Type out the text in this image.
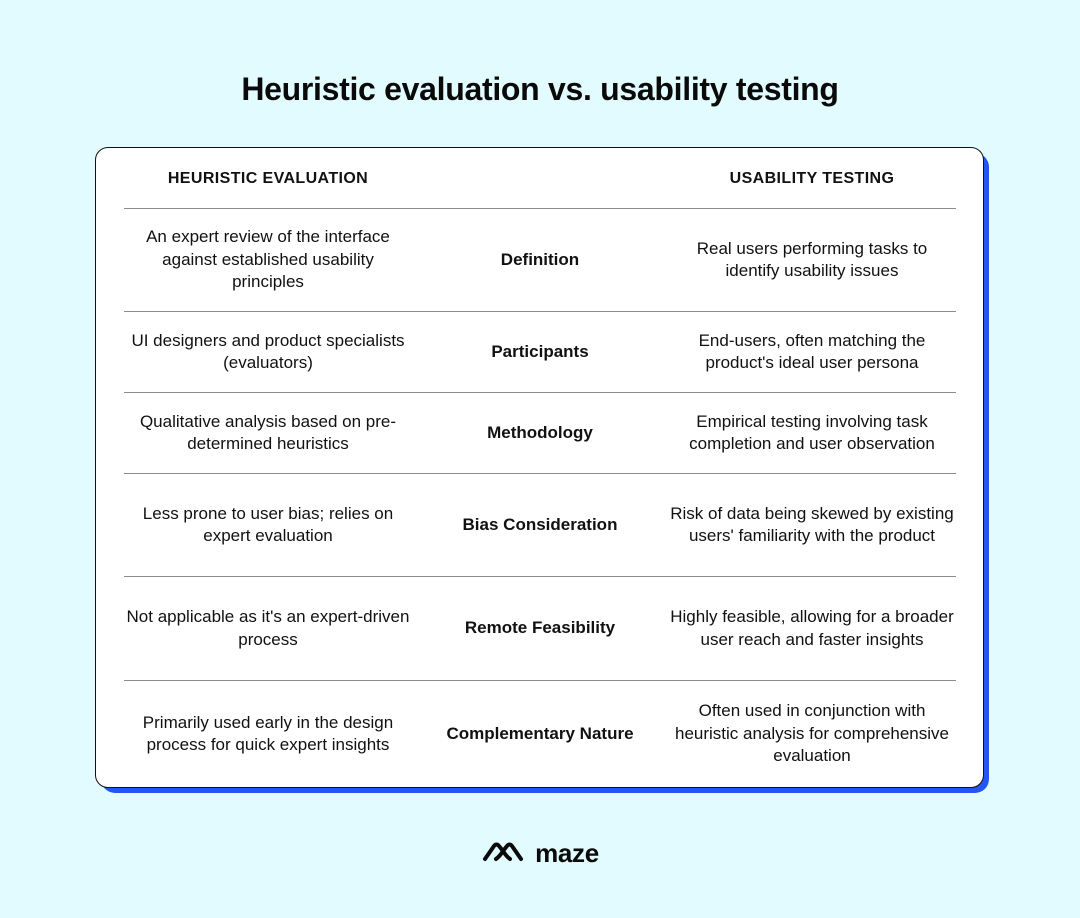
Heuristic evaluation vs. usability testing
HEURISTIC EVALUATION	USABILITY TESTING
An expert review of the interface against established usability principles
Definition
Real users performing tasks to identify usability issues
UI designers and product specialists (evaluators)
Participants
End-users, often matching the product's ideal user persona
Qualitative analysis based on pre-determined heuristics
Methodology
Empirical testing involving task completion and user observation
Less prone to user bias; relies on expert evaluation
Bias Consideration
Risk of data being skewed by existing users' familiarity with the product
Not applicable as it's an expert-driven process
Remote Feasibility
Highly feasible, allowing for a broader user reach and faster insights
Primarily used early in the design process for quick expert insights
Complementary Nature
Often used in conjunction with heuristic analysis for comprehensive evaluation
maze
